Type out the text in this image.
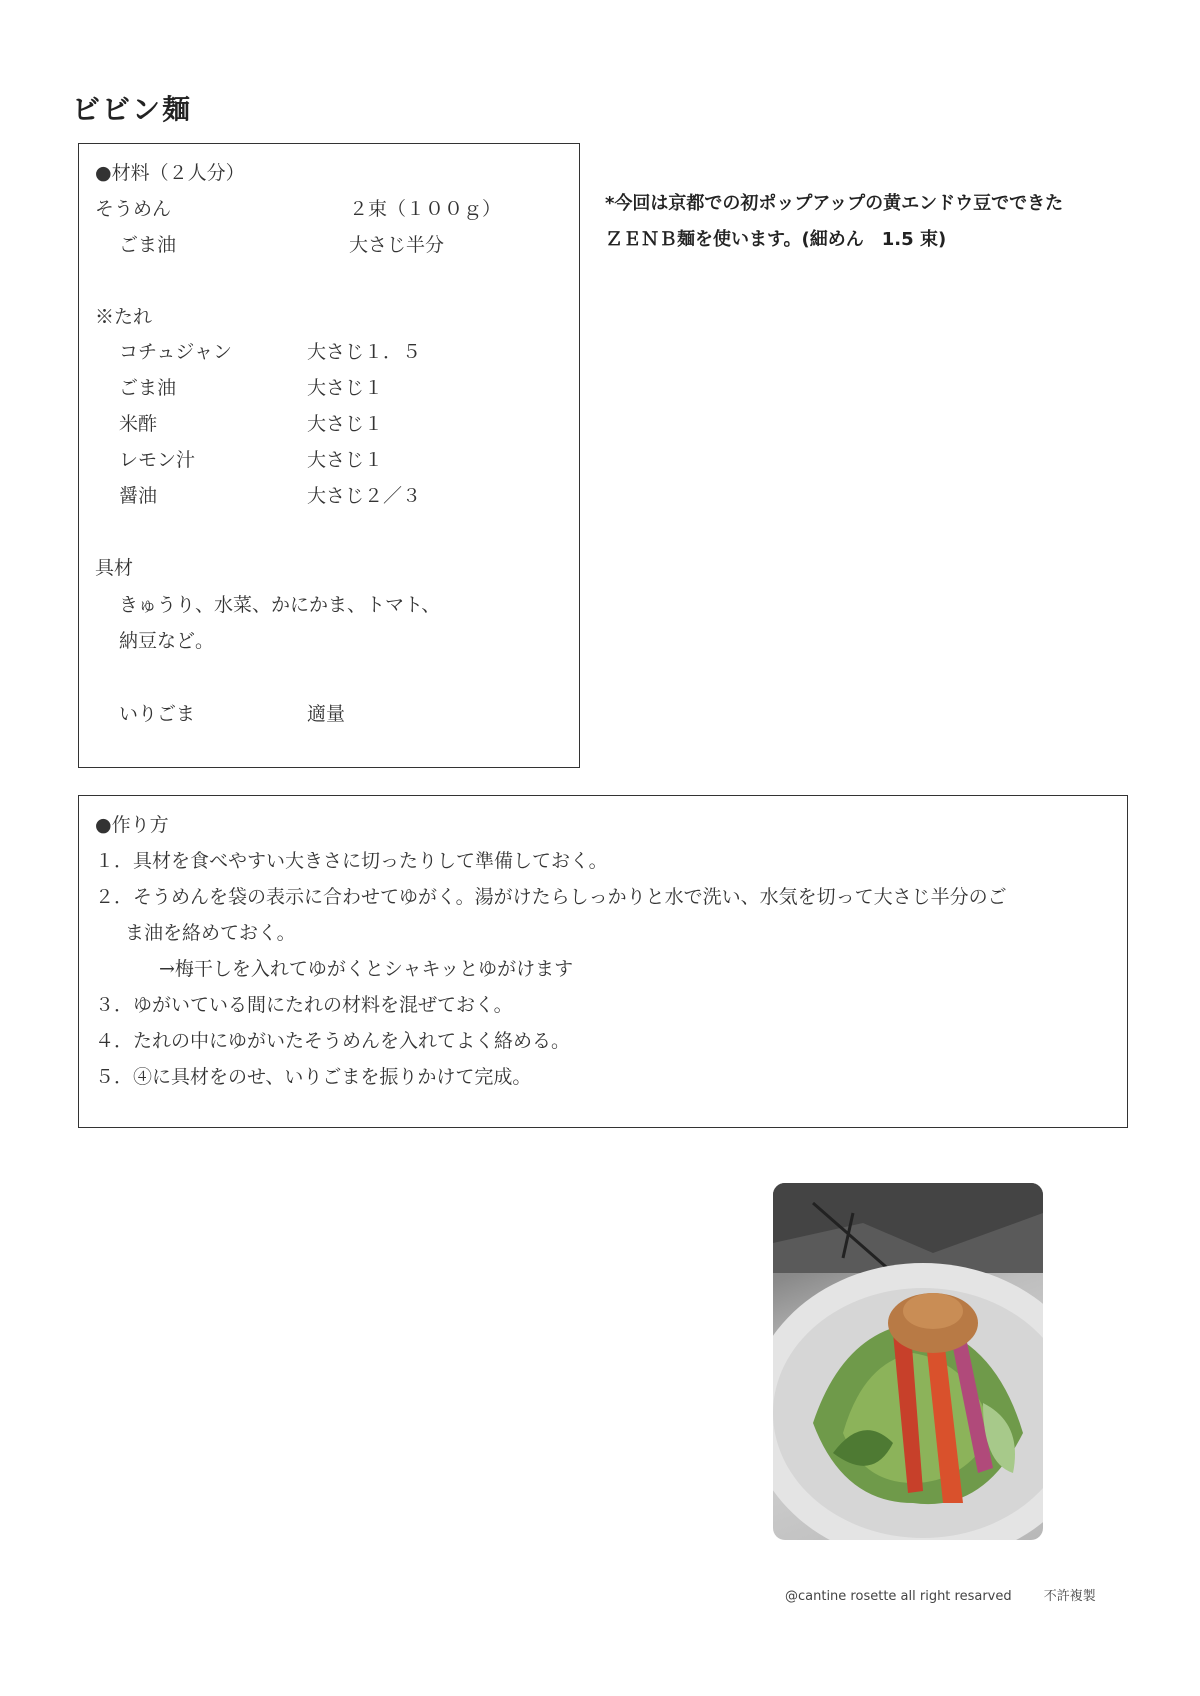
ビビン麺
●材料（２人分）
そうめん	２束（１００ｇ）
ごま油	大さじ半分
※たれ
コチュジャン	大さじ１．５
ごま油	大さじ１
米酢	大さじ１
レモン汁	大さじ１
醤油	大さじ２／３
具材
きゅうり、水菜、かにかま、トマト、
納豆など。
いりごま	適量
*今回は京都での初ポップアップの黄エンドウ豆でできた
ＺＥＮＢ麺を使います。(細めん　1.5 束)
●作り方
１．具材を食べやすい大きさに切ったりして準備しておく。
２．そうめんを袋の表示に合わせてゆがく。湯がけたらしっかりと水で洗い、水気を切って大さじ半分のご
ま油を絡めておく。
→梅干しを入れてゆがくとシャキッとゆがけます
３．ゆがいている間にたれの材料を混ぜておく。
４．たれの中にゆがいたそうめんを入れてよく絡める。
５．④に具材をのせ、いりごまを振りかけて完成。
@cantine rosette all right resarved 不許複製
